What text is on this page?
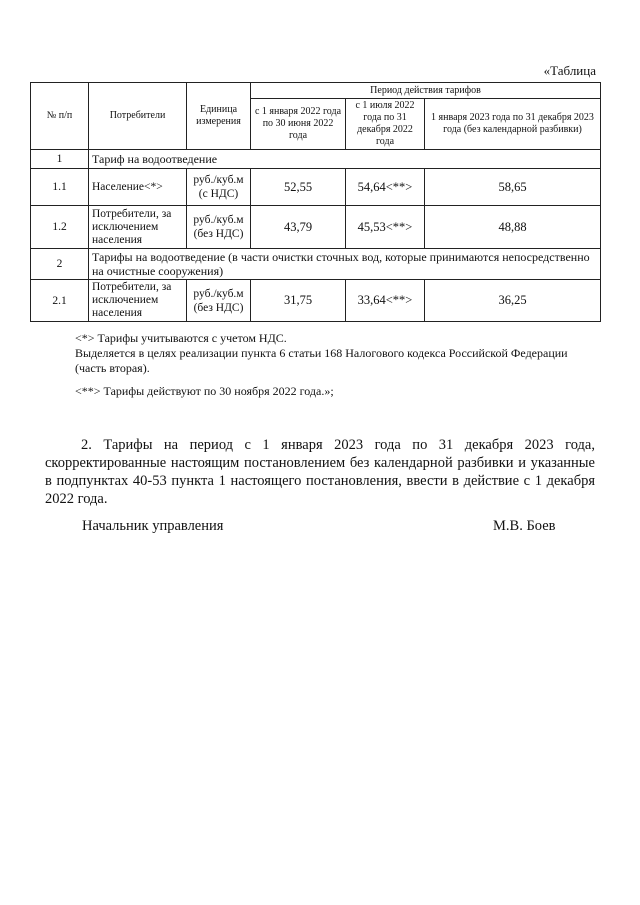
«Таблица
№ п/п	Потребители	Единица измерения	Период действия тарифов		
			с 1 января 2022 года по 30 июня 2022 года	с 1 июля 2022 года по 31 декабря 2022 года	1 января 2023 года по 31 декабря 2023 года (без календарной разбивки)
1	Тариф на водоотведение				
1.1	Население<*>	руб./куб.м (с НДС)	52,55	54,64<**>	58,65
1.2	Потребители, за исключением населения	руб./куб.м (без НДС)	43,79	45,53<**>	48,88
2	Тарифы на водоотведение (в части очистки сточных вод, которые принимаются непосредственно на очистные сооружения)				
2.1	Потребители, за исключением населения	руб./куб.м (без НДС)	31,75	33,64<**>	36,25

<*> Тарифы учитываются с учетом НДС.

Выделяется в целях реализации пункта 6 статьи 168 Налогового кодекса Российской Федерации (часть вторая).

<**> Тарифы действуют по 30 ноября 2022 года.»;

2. Тарифы на период с 1 января 2023 года по 31 декабря 2023 года, скорректированные настоящим постановлением без календарной разбивки и указанные в подпунктах 40-53 пункта 1 настоящего постановления, ввести в действие с 1 декабря 2022 года.

Начальник управления	М.В. Боев
